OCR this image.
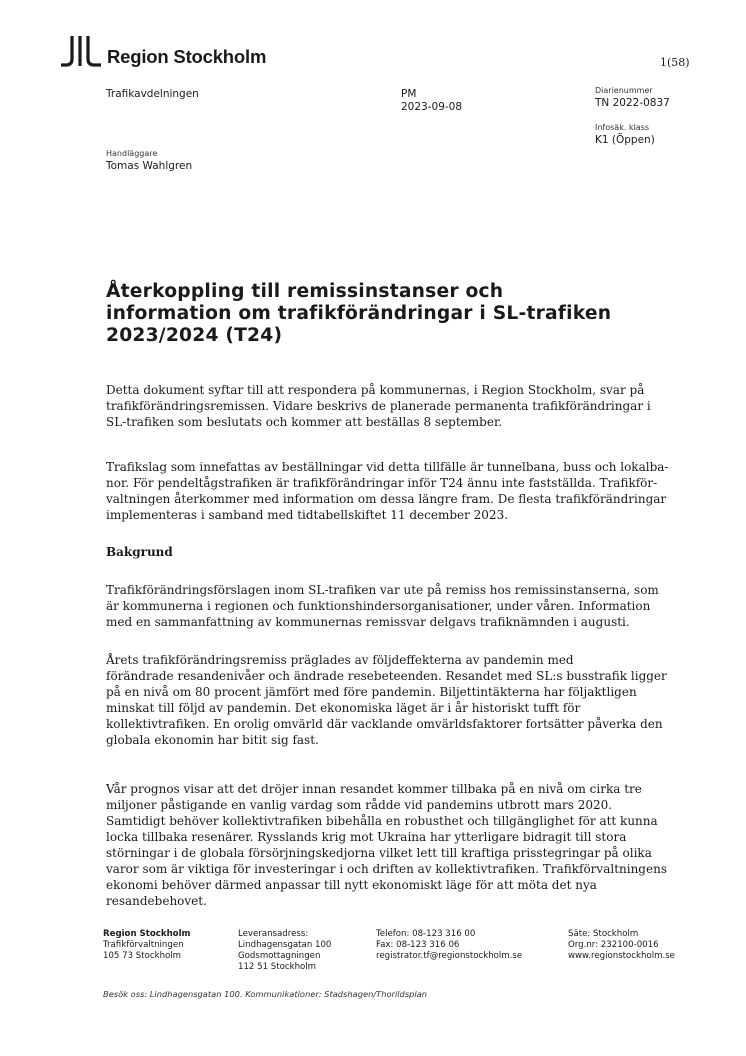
Region Stockholm	1(58)
Trafikavdelningen	PM
2023-09-08
Diarienummer
TN 2022-0837
Infosäk. klass
K1 (Öppen)
Handläggare
Tomas Wahlgren
Återkoppling till remissinstanser och
information om trafikförändringar i SL-trafiken
2023/2024 (T24)
Detta dokument syftar till att respondera på kommunernas, i Region Stockholm, svar på
trafikförändringsremissen. Vidare beskrivs de planerade permanenta trafikförändringar i
SL-trafiken som beslutats och kommer att beställas 8 september.
Trafikslag som innefattas av beställningar vid detta tillfälle är tunnelbana, buss och lokalba-
nor. För pendeltågstrafiken är trafikförändringar inför T24 ännu inte fastställda. Trafikför-
valtningen återkommer med information om dessa längre fram. De flesta trafikförändringar
implementeras i samband med tidtabellskiftet 11 december 2023.
Bakgrund
Trafikförändringsförslagen inom SL-trafiken var ute på remiss hos remissinstanserna, som
är kommunerna i regionen och funktionshindersorganisationer, under våren. Information
med en sammanfattning av kommunernas remissvar delgavs trafiknämnden i augusti.
Årets trafikförändringsremiss präglades av följdeffekterna av pandemin med
förändrade resandenivåer och ändrade resebeteenden. Resandet med SL:s busstrafik ligger
på en nivå om 80 procent jämfört med före pandemin. Biljettintäkterna har följaktligen
minskat till följd av pandemin. Det ekonomiska läget är i år historiskt tufft för
kollektivtrafiken. En orolig omvärld där vacklande omvärldsfaktorer fortsätter påverka den
globala ekonomin har bitit sig fast.
Vår prognos visar att det dröjer innan resandet kommer tillbaka på en nivå om cirka tre
miljoner påstigande en vanlig vardag som rådde vid pandemins utbrott mars 2020.
Samtidigt behöver kollektivtrafiken bibehålla en robusthet och tillgänglighet för att kunna
locka tillbaka resenärer. Rysslands krig mot Ukraina har ytterligare bidragit till stora
störningar i de globala försörjningskedjorna vilket lett till kraftiga prisstegringar på olika
varor som är viktiga för investeringar i och driften av kollektivtrafiken. Trafikförvaltningens
ekonomi behöver därmed anpassar till nytt ekonomiskt läge för att möta det nya
resandebehovet.
Region Stockholm
Trafikförvaltningen
105 73 Stockholm
Leveransadress:
Lindhagensgatan 100
Godsmottagningen
112 51 Stockholm
Telefon: 08-123 316 00
Fax: 08-123 316 06
registrator.tf@regionstockholm.se
Säte: Stockholm
Org.nr: 232100-0016
www.regionstockholm.se
Besök oss: Lindhagensgatan 100. Kommunikationer: Stadshagen/Thorildsplan
